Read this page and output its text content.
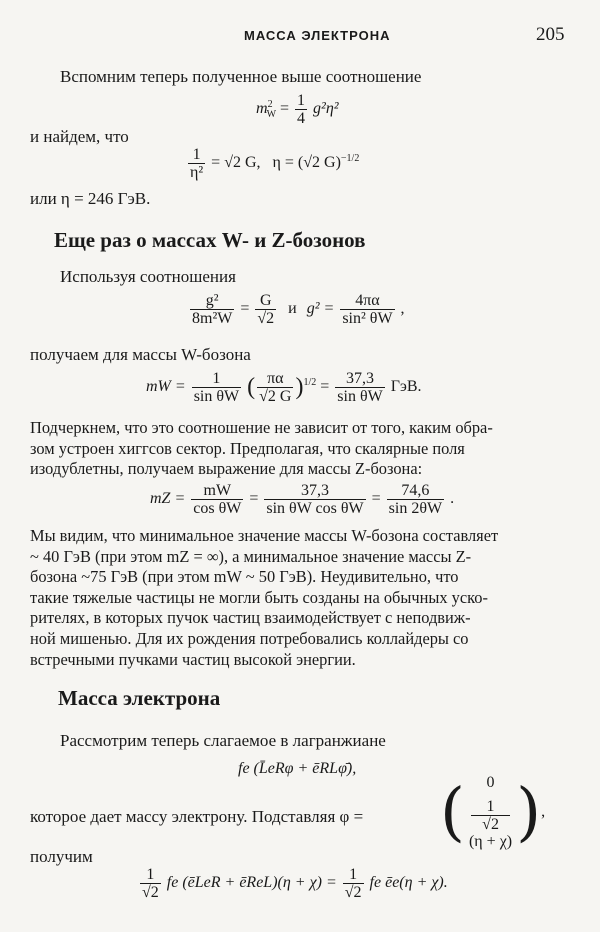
МАССА ЭЛЕКТРОНА	205
Вспомним теперь полученное выше соотношение
$m^2_W = \frac{1}{4} g^2\eta^2$
и найдем, что
$\frac{1}{\text{η²}} = √2$ G, η = (√2 G)$^{-1/2}$
или η = 246 ГэВ.
Еще раз о массах W- и Z-бозонов
Используя соотношения
$\frac{\text{g²}}{\text{8m²W}} = \frac{G}{√2}$ и $g^2 = \frac{4\pi\alpha}{\text{sin² θW}}$ ,
получаем для массы W-бозона
mW = $\frac{1}{\text{sin θW}}$ ( $\frac{\pi\alpha}{√2 G} )^{1/2} = \frac{37,3}{\text{sin θW}}$ ГэВ.
Подчеркнем, что это соотношение не зависит от того, каким обра-
зом устроен хиггсов сектор. Предполагая, что скалярные поля
изодублетны, получаем выражение для массы Z-бозона:
mZ = $\frac{mW}{\text{cos θW}} = \frac{37,3}{\text{sin θW cos θW}} = \frac{74,6}{\sin 2\theta W}$ .
Мы видим, что минимальное значение массы W-бозона составляет
~ 40 ГэВ (при этом mZ = ∞), а минимальное значение массы Z-
бозона ~75 ГэВ (при этом mW ~ 50 ГэВ). Неудивительно, что
такие тяжелые частицы не могли быть созданы на обычных уско-
рителях, в которых пучок частиц взаимодействует с неподвиж-
ной мишенью. Для их рождения потребовались коллайдеры со
встречными пучками частиц высокой энергии.
Масса электрона
Рассмотрим теперь слагаемое в лагранжиане
fe (L̄eRφ + ēRLφ̄),
которое дает массу электрону. Подставляя φ = (	0
1
√2
(η + χ) ),
получим
$\frac{1}{√2}$ fe (ēLeR + ēReL)(η + $\chi) = \frac{1}{√2}$ fe ēe(η + χ).
